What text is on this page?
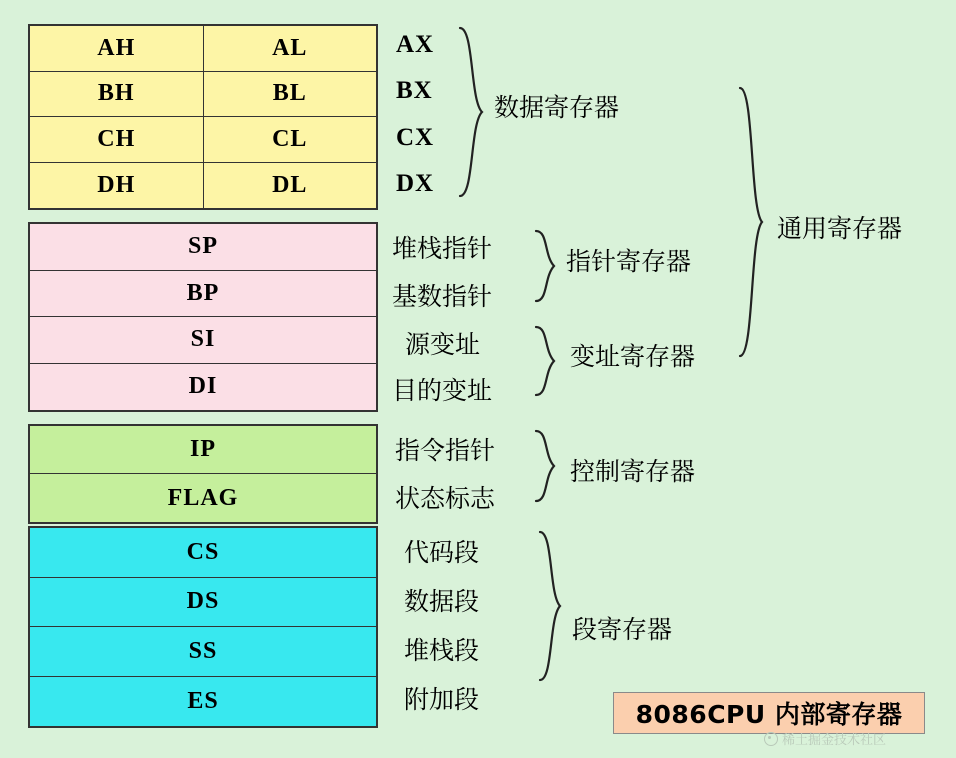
AH	AL
BH	BL
CH	CL
DH	DL
AX
BX
CX
DX
数据寄存器
SP
BP
SI
DI
堆栈指针
基数指针
源变址
目的变址
指针寄存器
变址寄存器
IP
FLAG
指令指针
状态标志
控制寄存器
CS
DS
SS
ES
代码段
数据段
堆栈段
附加段
段寄存器
通用寄存器
8086CPU 内部寄存器
稀土掘金技术社区
